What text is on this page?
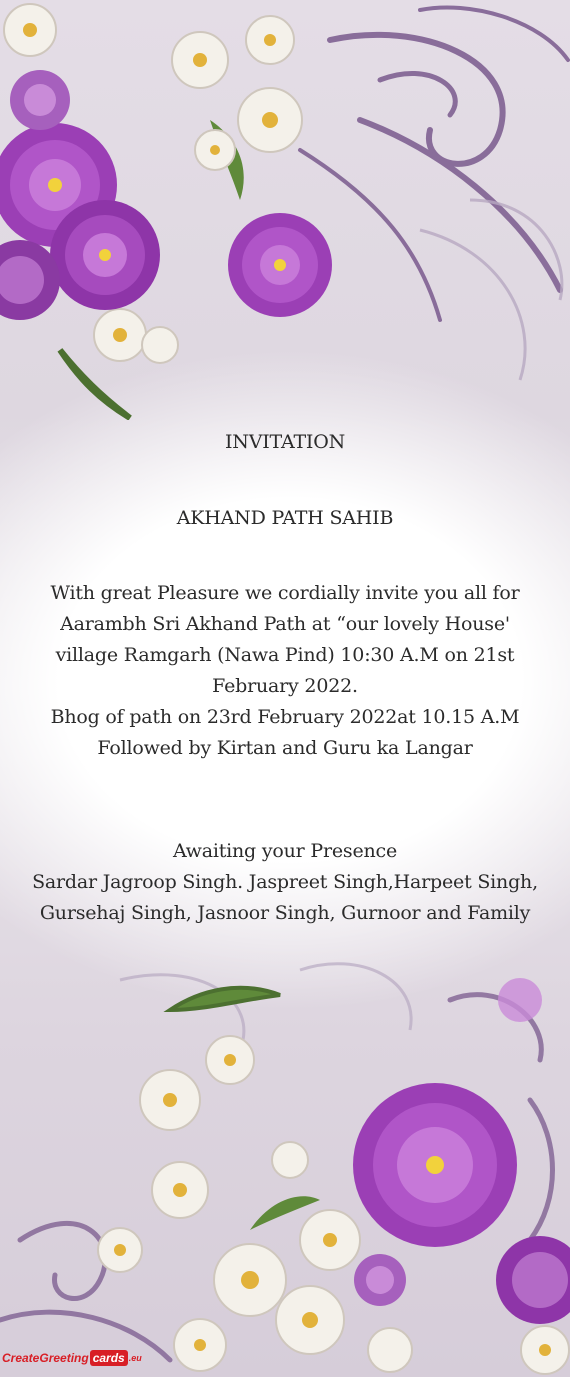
INVITATION
AKHAND PATH SAHIB
With great Pleasure we cordially invite you all for
Aarambh Sri Akhand Path at “our lovely House'
village Ramgarh (Nawa Pind) 10:30 A.M on 21st
February 2022.
Bhog of path on 23rd February 2022at 10.15 A.M
Followed by Kirtan and Guru ka Langar
Awaiting your Presence
Sardar Jagroop Singh. Jaspreet Singh,Harpeet Singh,
Gursehaj Singh, Jasnoor Singh, Gurnoor and Family
CreateGreeting cards .eu
